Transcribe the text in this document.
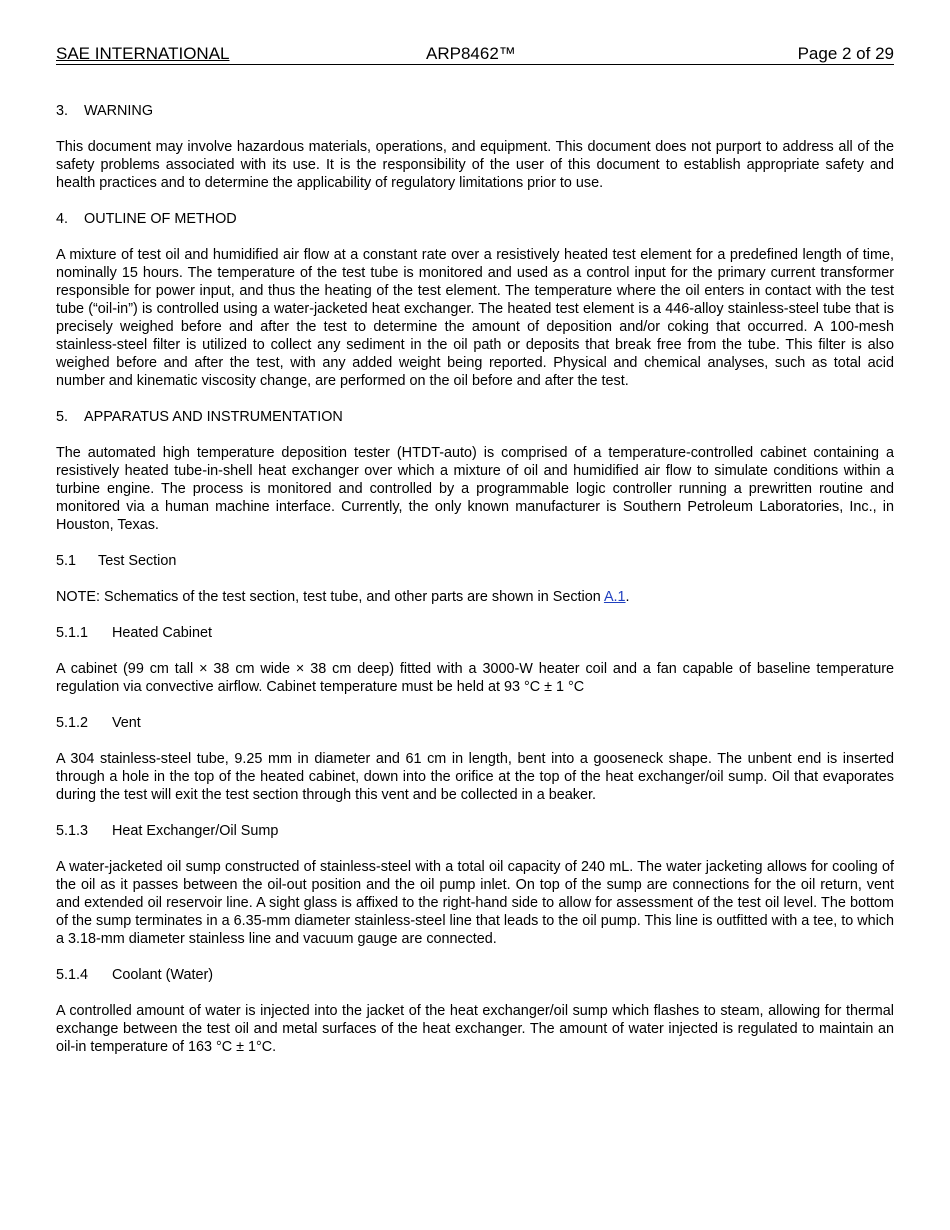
SAE INTERNATIONAL	ARP8462™	Page 2 of 29
3. WARNING

This document may involve hazardous materials, operations, and equipment. This document does not purport to address all of the safety problems associated with its use. It is the responsibility of the user of this document to establish appropriate safety and health practices and to determine the applicability of regulatory limitations prior to use.

4. OUTLINE OF METHOD

A mixture of test oil and humidified air flow at a constant rate over a resistively heated test element for a predefined length of time, nominally 15 hours. The temperature of the test tube is monitored and used as a control input for the primary current transformer responsible for power input, and thus the heating of the test element. The temperature where the oil enters in contact with the test tube (“oil-in”) is controlled using a water-jacketed heat exchanger. The heated test element is a 446-alloy stainless-steel tube that is precisely weighed before and after the test to determine the amount of deposition and/or coking that occurred. A 100-mesh stainless-steel filter is utilized to collect any sediment in the oil path or deposits that break free from the tube. This filter is also weighed before and after the test, with any added weight being reported. Physical and chemical analyses, such as total acid number and kinematic viscosity change, are performed on the oil before and after the test.

5. APPARATUS AND INSTRUMENTATION

The automated high temperature deposition tester (HTDT-auto) is comprised of a temperature-controlled cabinet containing a resistively heated tube-in-shell heat exchanger over which a mixture of oil and humidified air flow to simulate conditions within a turbine engine. The process is monitored and controlled by a programmable logic controller running a prewritten routine and monitored via a human machine interface. Currently, the only known manufacturer is Southern Petroleum Laboratories, Inc., in Houston, Texas.

5.1 Test Section

NOTE: Schematics of the test section, test tube, and other parts are shown in Section A.1.

5.1.1 Heated Cabinet

A cabinet (99 cm tall × 38 cm wide × 38 cm deep) fitted with a 3000-W heater coil and a fan capable of baseline temperature regulation via convective airflow. Cabinet temperature must be held at 93 °C ± 1 °C

5.1.2 Vent

A 304 stainless-steel tube, 9.25 mm in diameter and 61 cm in length, bent into a gooseneck shape. The unbent end is inserted through a hole in the top of the heated cabinet, down into the orifice at the top of the heat exchanger/oil sump. Oil that evaporates during the test will exit the test section through this vent and be collected in a beaker.

5.1.3 Heat Exchanger/Oil Sump

A water-jacketed oil sump constructed of stainless-steel with a total oil capacity of 240 mL. The water jacketing allows for cooling of the oil as it passes between the oil-out position and the oil pump inlet. On top of the sump are connections for the oil return, vent and extended oil reservoir line. A sight glass is affixed to the right-hand side to allow for assessment of the test oil level. The bottom of the sump terminates in a 6.35-mm diameter stainless-steel line that leads to the oil pump. This line is outfitted with a tee, to which a 3.18-mm diameter stainless line and vacuum gauge are connected.

5.1.4 Coolant (Water)

A controlled amount of water is injected into the jacket of the heat exchanger/oil sump which flashes to steam, allowing for thermal exchange between the test oil and metal surfaces of the heat exchanger. The amount of water injected is regulated to maintain an oil-in temperature of 163 °C ± 1°C.
